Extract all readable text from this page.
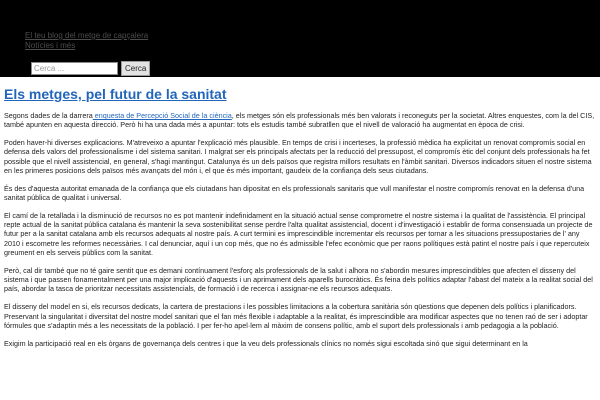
El teu blog del metge de capçalera
Notícies i més
Cerca ...
Cerca
Els metges, pel futur de la sanitat

Segons dades de la darrera enquesta de Percepció Social de la ciència, els metges són els professionals més ben valorats i reconeguts per la societat. Altres enquestes, com la del CIS, també apunten en aquesta direcció. Però hi ha una dada més a apuntar: tots els estudis també subratllen que el nivell de valoració ha augmentat en època de crisi.

Poden haver-hi diverses explicacions. M'atreveixo a apuntar l'explicació més plausible. En temps de crisi i incerteses, la professió mèdica ha explicitat un renovat compromís social en defensa dels valors del professionalisme i del sistema sanitari. I malgrat ser els principals afectats per la reducció del pressupost, el compromís ètic del conjunt dels professionals ha fet possible que el nivell assistencial, en general, s'hagi mantingut. Catalunya és un dels països que registra millors resultats en l'àmbit sanitari. Diversos indicadors situen el nostre sistema en les primeres posicions dels països més avançats del món i, el que és més important, gaudeix de la confiança dels seus ciutadans.

És des d'aquesta autoritat emanada de la confiança que els ciutadans han dipositat en els professionals sanitaris que vull manifestar el nostre compromís renovat en la defensa d'una sanitat pública de qualitat i universal.

El camí de la retallada i la disminució de recursos no es pot mantenir indefinidament en la situació actual sense comprometre el nostre sistema i la qualitat de l'assistència. El principal repte actual de la sanitat pública catalana és mantenir la seva sostenibilitat sense perdre l'alta qualitat assistencial, docent i d'investigació i establir de forma consensuada un projecte de futur per a la sanitat catalana amb els recursos adequats al nostre país. A curt termini es imprescindible incrementar els recursos per tornar a les situacions pressupostaries de l' any 2010 i escometre les reformes necessàries. I cal denunciar, aquí i un cop més, que no és admissible l'efec econòmic que per raons polítiques està patint el nostre país i que repercuteix greument en els serveis públics com la sanitat.

Però, cal dir també que no té gaire sentit que es demani contínuament l'esforç als professionals de la salut i alhora no s'abordin mesures imprescindibles que afecten el disseny del sistema i que passen fonamentalment per una major implicació d'aquests i un aprimament dels aparells burocràtics. És feina dels polítics adaptar l'abast del mateix a la realitat social del país, abordar la tasca de prioritzar necessitats assistencials, de formació i de recerca i assignar-ne els recursos adequats.

El disseny del model en si, els recursos dedicats, la cartera de prestacions i les possibles limitacions a la cobertura sanitària són qüestions que depenen dels polítics i planificadors. Preservant la singularitat i diversitat del nostre model sanitari que el fan més flexible i adaptable a la realitat, és imprescindible ara modificar aspectes que no tenen raó de ser i adoptar fórmules que s'adaptin més a les necessitats de la població. I per fer-ho apel·lem al màxim de consens polític, amb el suport dels professionals i amb pedagogia a la població.

Exigim la participació real en els òrgans de governança dels centres i que la veu dels professionals clínics no només sigui escoltada sinó que sigui determinant en la
